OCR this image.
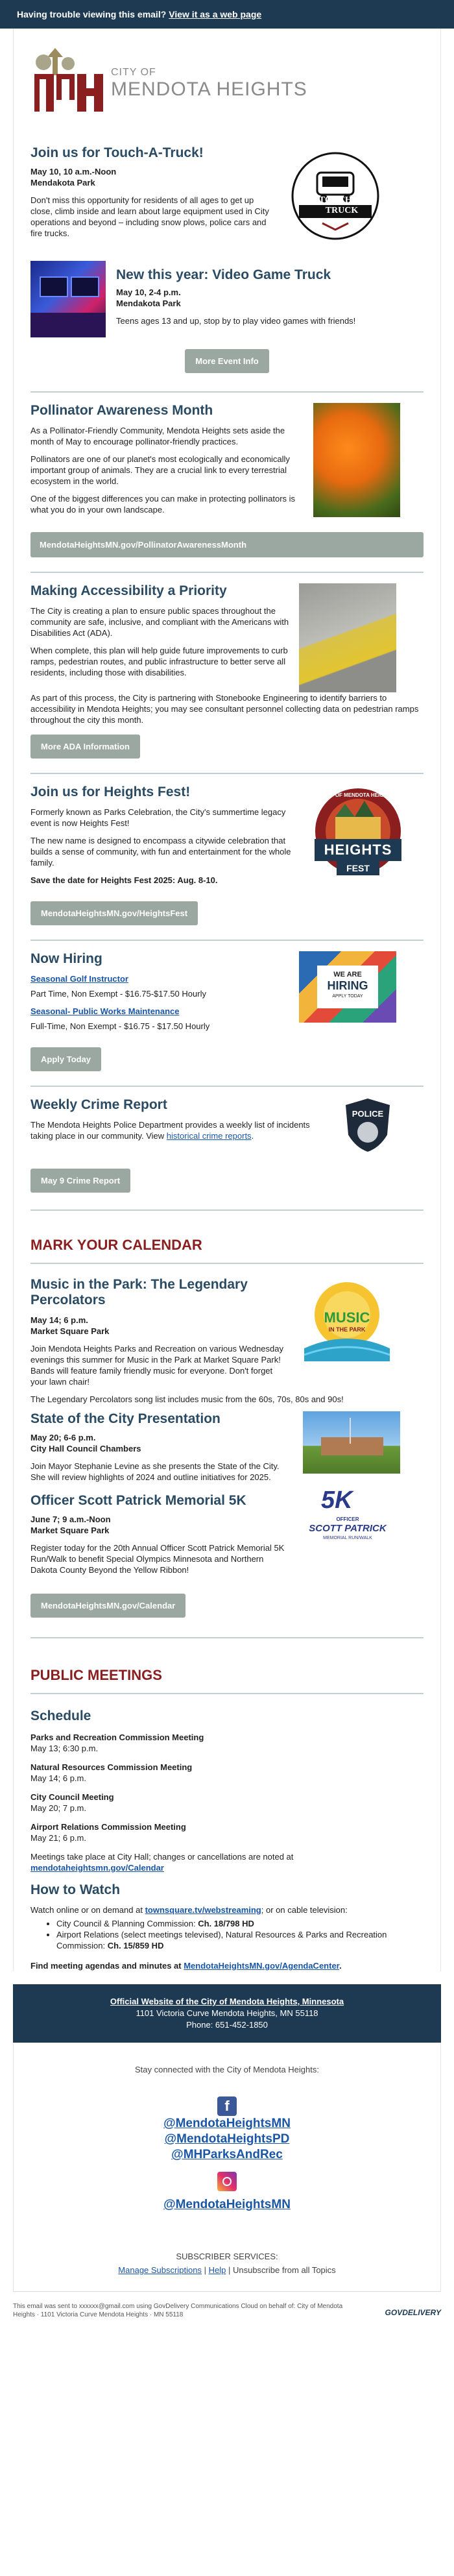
Having trouble viewing this email? View it as a web page
CITY OF
MENDOTA HEIGHTS
Join us for Touch-A-Truck!

May 10, 10 a.m.-Noon

Mendakota Park

Don't miss this opportunity for residents of all ages to get up close, climb inside and learn about large equipment used in City operations and beyond – including snow plows, police cars and fire trucks.

TOUCH-A-TRUCK
New this year: Video Game Truck

May 10, 2-4 p.m.

Mendakota Park

Teens ages 13 and up, stop by to play video games with friends!

More Event Info
Pollinator Awareness Month

As a Pollinator-Friendly Community, Mendota Heights sets aside the month of May to encourage pollinator-friendly practices.

Pollinators are one of our planet's most ecologically and economically important group of animals. They are a crucial link to every terrestrial ecosystem in the world.

One of the biggest differences you can make in protecting pollinators is what you do in your own landscape.

MendotaHeightsMN.gov/PollinatorAwarenessMonth
Making Accessibility a Priority

The City is creating a plan to ensure public spaces throughout the community are safe, inclusive, and compliant with the Americans with Disabilities Act (ADA).

When complete, this plan will help guide future improvements to curb ramps, pedestrian routes, and public infrastructure to better serve all residents, including those with disabilities.

As part of this process, the City is partnering with Stonebooke Engineering to identify barriers to accessibility in Mendota Heights; you may see consultant personnel collecting data on pedestrian ramps throughout the city this month.

More ADA Information
Join us for Heights Fest!

Formerly known as Parks Celebration, the City's summertime legacy event is now Heights Fest!

The new name is designed to encompass a citywide celebration that builds a sense of community, with fun and entertainment for the whole family.

Save the date for Heights Fest 2025: Aug. 8-10.

CITY OF MENDOTA HEIGHTS
HEIGHTS
FEST
MendotaHeightsMN.gov/HeightsFest
Now Hiring

Seasonal Golf Instructor

Part Time, Non Exempt - $16.75-$17.50 Hourly

Seasonal- Public Works Maintenance

Full-Time, Non Exempt - $16.75 - $17.50 Hourly

WE ARE
HIRING
APPLY TODAY
Apply Today
Weekly Crime Report

The Mendota Heights Police Department provides a weekly list of incidents taking place in our community. View historical crime reports.

POLICE
May 9 Crime Report
MARK YOUR CALENDAR
Music in the Park: The Legendary Percolators

May 14; 6 p.m.

Market Square Park

Join Mendota Heights Parks and Recreation on various Wednesday evenings this summer for Music in the Park at Market Square Park! Bands will feature family friendly music for everyone. Don't forget your lawn chair!

MUSIC
IN THE PARK

The Legendary Percolators song list includes music from the 60s, 70s, 80s and 90s!

State of the City Presentation

May 20; 6-6 p.m.

City Hall Council Chambers

Join Mayor Stephanie Levine as she presents the State of the City. She will review highlights of 2024 and outline initiatives for 2025.

Officer Scott Patrick Memorial 5K

June 7; 9 a.m.-Noon

Market Square Park

Register today for the 20th Annual Officer Scott Patrick Memorial 5K Run/Walk to benefit Special Olympics Minnesota and Northern Dakota County Beyond the Yellow Ribbon!

5K
OFFICER
SCOTT PATRICK
MEMORIAL RUN/WALK
MendotaHeightsMN.gov/Calendar
PUBLIC MEETINGS
Schedule

Parks and Recreation Commission Meeting

May 13; 6:30 p.m.

Natural Resources Commission Meeting

May 14; 6 p.m.

City Council Meeting

May 20; 7 p.m.

Airport Relations Commission Meeting

May 21; 6 p.m.

Meetings take place at City Hall; changes or cancellations are noted at mendotaheightsmn.gov/Calendar

How to Watch

Watch online or on demand at townsquare.tv/webstreaming; or on cable television:

• City Council & Planning Commission: Ch. 18/798 HD
• Airport Relations (select meetings televised), Natural Resources & Parks and Recreation Commission: Ch. 15/859 HD

Find meeting agendas and minutes at MendotaHeightsMN.gov/AgendaCenter.

Official Website of the City of Mendota Heights, Minnesota
1101 Victoria Curve Mendota Heights, MN 55118
Phone: 651-452-1850
Stay connected with the City of Mendota Heights:
f
@MendotaHeightsMN
@MendotaHeightsPD
@MHParksAndRec
@MendotaHeightsMN
SUBSCRIBER SERVICES:
Manage Subscriptions | Help | Unsubscribe from all Topics
This email was sent to xxxxxx@gmail.com using GovDelivery Communications Cloud on behalf of: City of Mendota Heights · 1101 Victoria Curve Mendota Heights · MN 55118	GOVDELIVERY
